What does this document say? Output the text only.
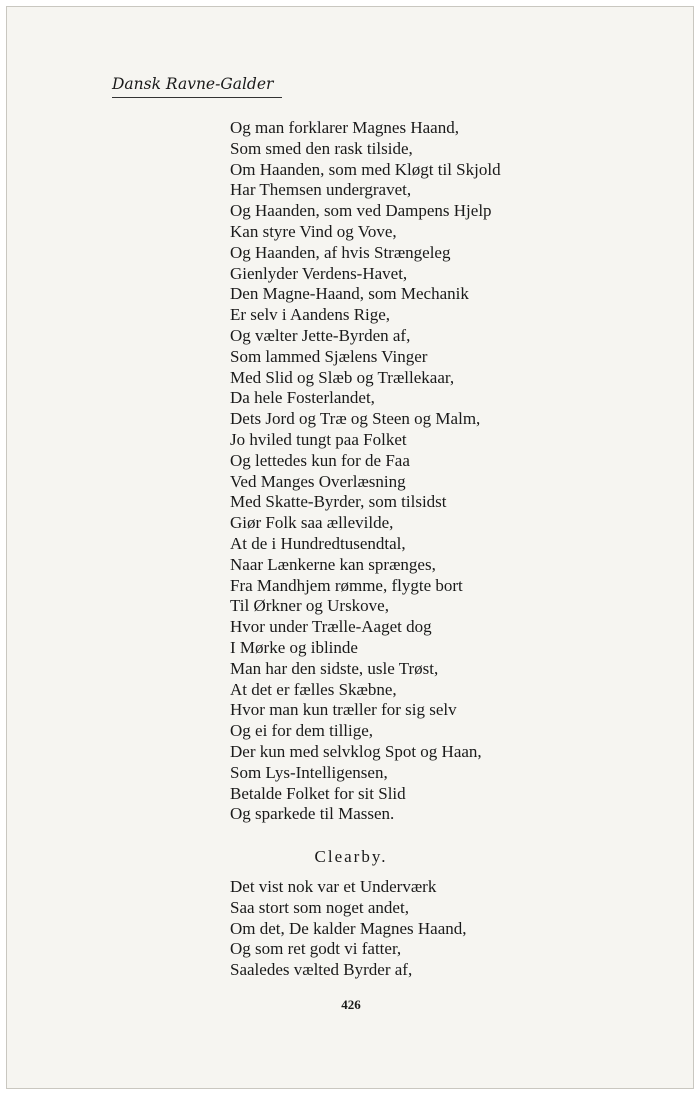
Dansk Ravne-Galder
Og man forklarer Magnes Haand,
Som smed den rask tilside,
Om Haanden, som med Kløgt til Skjold
Har Themsen undergravet,
Og Haanden, som ved Dampens Hjelp
Kan styre Vind og Vove,
Og Haanden, af hvis Strængeleg
Gienlyder Verdens-Havet,
Den Magne-Haand, som Mechanik
Er selv i Aandens Rige,
Og vælter Jette-Byrden af,
Som lammed Sjælens Vinger
Med Slid og Slæb og Trællekaar,
Da hele Fosterlandet,
Dets Jord og Træ og Steen og Malm,
Jo hviled tungt paa Folket
Og lettedes kun for de Faa
Ved Manges Overlæsning
Med Skatte-Byrder, som tilsidst
Giør Folk saa ællevilde,
At de i Hundredtusendtal,
Naar Lænkerne kan sprænges,
Fra Mandhjem rømme, flygte bort
Til Ørkner og Urskove,
Hvor under Trælle-Aaget dog
I Mørke og iblinde
Man har den sidste, usle Trøst,
At det er fælles Skæbne,
Hvor man kun træller for sig selv
Og ei for dem tillige,
Der kun med selvklog Spot og Haan,
Som Lys-Intelligensen,
Betalde Folket for sit Slid
Og sparkede til Massen.
Clearby.
Det vist nok var et Underværk
Saa stort som noget andet,
Om det, De kalder Magnes Haand,
Og som ret godt vi fatter,
Saaledes vælted Byrder af,
426
